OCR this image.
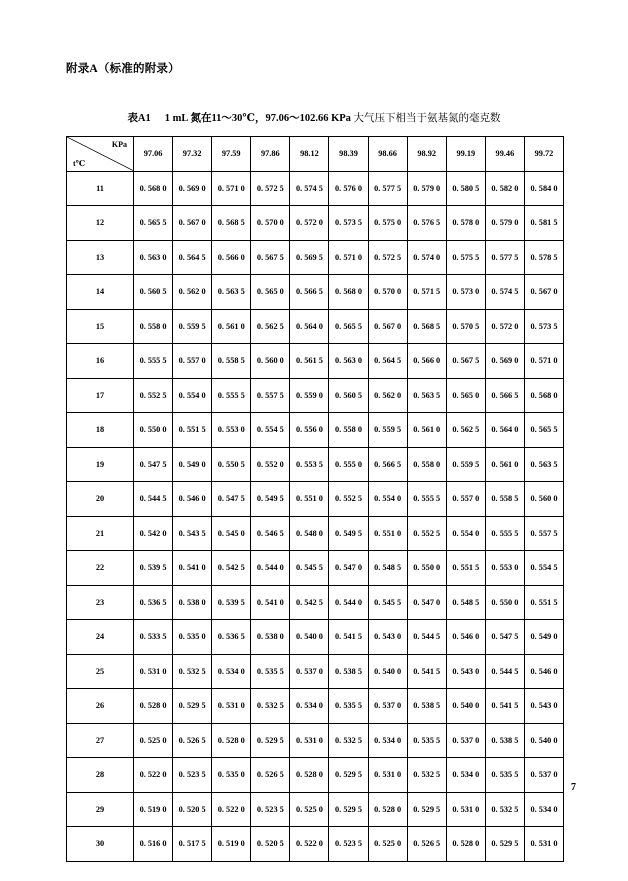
附录A（标准的附录）
表A1 1 mL 氮在11～30℃，97.06～102.66 KPa 大气压下相当于氨基氮的毫克数
KPa
t℃	97.06	97.32	97.59	97.86	98.12	98.39	98.66	98.92	99.19	99.46	99.72
11	0. 568 0	0. 569 0	0. 571 0	0. 572 5	0. 574 5	0. 576 0	0. 577 5	0. 579 0	0. 580 5	0. 582 0	0. 584 0
12	0. 565 5	0. 567 0	0. 568 5	0. 570 0	0. 572 0	0. 573 5	0. 575 0	0. 576 5	0. 578 0	0. 579 0	0. 581 5
13	0. 563 0	0. 564 5	0. 566 0	0. 567 5	0. 569 5	0. 571 0	0. 572 5	0. 574 0	0. 575 5	0. 577 5	0. 578 5
14	0. 560 5	0. 562 0	0. 563 5	0. 565 0	0. 566 5	0. 568 0	0. 570 0	0. 571 5	0. 573 0	0. 574 5	0. 567 0
15	0. 558 0	0. 559 5	0. 561 0	0. 562 5	0. 564 0	0. 565 5	0. 567 0	0. 568 5	0. 570 5	0. 572 0	0. 573 5
16	0. 555 5	0. 557 0	0. 558 5	0. 560 0	0. 561 5	0. 563 0	0. 564 5	0. 566 0	0. 567 5	0. 569 0	0. 571 0
17	0. 552 5	0. 554 0	0. 555 5	0. 557 5	0. 559 0	0. 560 5	0. 562 0	0. 563 5	0. 565 0	0. 566 5	0. 568 0
18	0. 550 0	0. 551 5	0. 553 0	0. 554 5	0. 556 0	0. 558 0	0. 559 5	0. 561 0	0. 562 5	0. 564 0	0. 565 5
19	0. 547 5	0. 549 0	0. 550 5	0. 552 0	0. 553 5	0. 555 0	0. 566 5	0. 558 0	0. 559 5	0. 561 0	0. 563 5
20	0. 544 5	0. 546 0	0. 547 5	0. 549 5	0. 551 0	0. 552 5	0. 554 0	0. 555 5	0. 557 0	0. 558 5	0. 560 0
21	0. 542 0	0. 543 5	0. 545 0	0. 546 5	0. 548 0	0. 549 5	0. 551 0	0. 552 5	0. 554 0	0. 555 5	0. 557 5
22	0. 539 5	0. 541 0	0. 542 5	0. 544 0	0. 545 5	0. 547 0	0. 548 5	0. 550 0	0. 551 5	0. 553 0	0. 554 5
23	0. 536 5	0. 538 0	0. 539 5	0. 541 0	0. 542 5	0. 544 0	0. 545 5	0. 547 0	0. 548 5	0. 550 0	0. 551 5
24	0. 533 5	0. 535 0	0. 536 5	0. 538 0	0. 540 0	0. 541 5	0. 543 0	0. 544 5	0. 546 0	0. 547 5	0. 549 0
25	0. 531 0	0. 532 5	0. 534 0	0. 535 5	0. 537 0	0. 538 5	0. 540 0	0. 541 5	0. 543 0	0. 544 5	0. 546 0
26	0. 528 0	0. 529 5	0. 531 0	0. 532 5	0. 534 0	0. 535 5	0. 537 0	0. 538 5	0. 540 0	0. 541 5	0. 543 0
27	0. 525 0	0. 526 5	0. 528 0	0. 529 5	0. 531 0	0. 532 5	0. 534 0	0. 535 5	0. 537 0	0. 538 5	0. 540 0
28	0. 522 0	0. 523 5	0. 535 0	0. 526 5	0. 528 0	0. 529 5	0. 531 0	0. 532 5	0. 534 0	0. 535 5	0. 537 0
29	0. 519 0	0. 520 5	0. 522 0	0. 523 5	0. 525 0	0. 529 5	0. 528 0	0. 529 5	0. 531 0	0. 532 5	0. 534 0
30	0. 516 0	0. 517 5	0. 519 0	0. 520 5	0. 522 0	0. 523 5	0. 525 0	0. 526 5	0. 528 0	0. 529 5	0. 531 0
7
